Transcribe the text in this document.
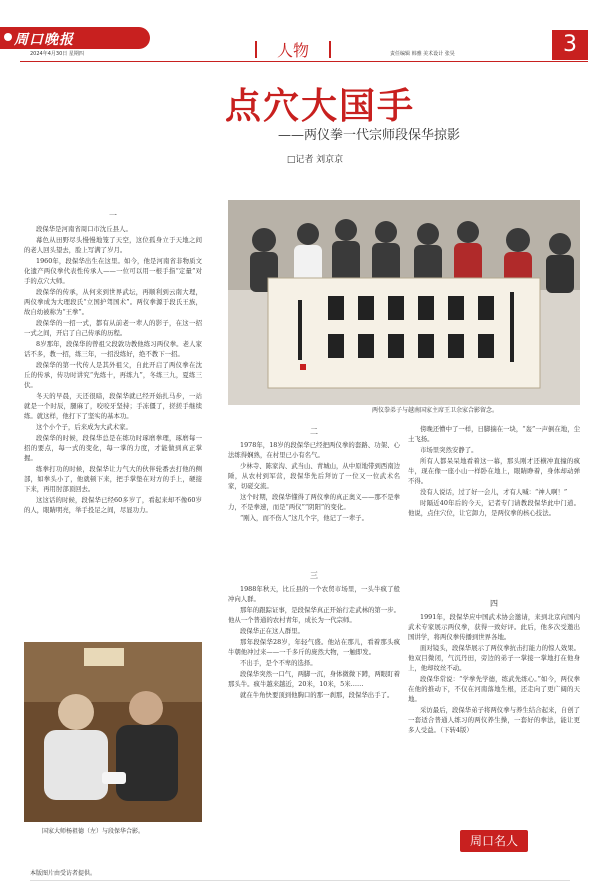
周口晚报
2024年4月30日 星期四	人物	责任编辑 韩雅 美术设计 张昊	3
点穴大国手
——两仪拳一代宗师段保华掠影
□记者 刘京京
两仪拳弟子与越南国家主席王卫余家合影留念。
国家大师杨祖德（左）与段保华合影。
一

段保华是河南省周口市沈丘县人。

幕色从田野尽头慢慢地笼了天空，这位孤身立于天地之间的老人回头望去，脸上写满了岁月。

1960年，段保华出生在这里。如今，他是河南省非物质文化遗产两仪拳代表性传承人——一位可以用一根手指“定量”对手的点穴大师。

段保华的传承，从何来到世界武坛，再顺利到云南大理，两仪拳成为大理段氏“立国护驾国术”。两仪拳源于段氏王族，故自幼被称为“王拳”。

段保华的一招一式，都有从前老一辈人的影子，在这一招一式之间，开启了自己传承的历程。

8岁那年，段保华的曾祖父段敦功教他练习两仪拳。老人家话不多，教一招，练三年，一招没练好，绝不教下一招。

段保华的第一代传人是其外祖父，自此开启了两仪拳在沈丘的传承，传功时讲究“先练十，再练九”，冬练三九，夏练三伏。

冬天的早晨，天还很暗，段保华就已经开始扎马步，一站就是一个时辰，腿麻了，咬咬牙坚持；手冻僵了，搓搓手继续练。就这样，他打下了坚实的基本功。

这个小个子，后来成为大武术家。

段保华的时候，段保华总是在练功时琢磨拳理，琢磨每一招的要点，每一式的变化，每一掌的力度，才能做到真正掌握。

练拳打功的时候，段保华让力气大的伙伴轮番去打他的侧部，如拳头小了，他就顿下来，把手掌垫在对方的手上，硬接下来，再用肘部顶回去。

这这话的时候，段保华已经60多岁了，看起来却不像60岁的人，眼睛明亮，举手投足之间，尽显功力。

二

1978年，18岁的段保华已经把两仪拳的套路、功架、心法练得娴熟，在村里已小有名气。

少林寺、陈家沟、武当山、青城山，从中原地带到西南边陲，从农村到军营，段保华先后拜访了一位又一位武术名家，切磋交流。

这个时期，段保华懂得了两仪拳的真正奥义——那不是拳力，不是拳速，而是“两仪”“阴阳”的变化。

“刚入，而不伤人”这几个字，他记了一辈子。

三

1988年秋天，比丘县的一个农贸市场里，一头牛疯了般冲向人群。

那年的跟踪证事，是段保华真正开始行走武林的第一步。他从一个普通的农村青年，成长为一代宗师。

段保华正在这人群里。

那年段保华28岁，年轻气盛。他站在那儿，看着那头疯牛朝他冲过来——一千多斤的庞然大物，一触即发。

不出手，是个不卑的选择。

段保华突然一口气，两脚一沉，身体微微下蹲，两眼盯着那头牛。疯牛越来越近，20米，10米，5米……

就在牛角快要顶到他胸口的那一刹那，段保华出手了。

傍晚还懵中了一样，日脚揣在一块，“轰”一声倒在地，尘土飞扬。

市场里突然安静了。

所有人都呆呆地看着这一幕，那头刚才还横冲直撞的疯牛，现在像一座小山一样卧在地上，眼睛睁着，身体却动弹不得。

没有人说话，过了好一会儿，才有人喊：“神人啊！”

时隔近40年后的今天，记者专门请教段保华此中门道。他说，点住穴位，让它卸力，是两仪拳的核心技法。

四

1991年，段保华应中国武术协会邀请，来到北京向国内武术专家展示两仪拳，获得一致好评。此后，他多次受邀出国讲学，将两仪拳传播到世界各地。

面对镜头，段保华展示了两仪拳抗击打能力的惊人效果。他双目微闭，气沉丹田，旁边的弟子一掌接一掌地打在他身上，他却纹丝不动。

段保华常说：“学拳先学德，练武先练心。”如今，两仪拳在他的推动下，不仅在河南落地生根，还走向了更广阔的天地。

采访最后，段保华弟子将两仪拳与养生结合起来，自创了一套适合普通人练习的两仪养生操，一套好的拳法，能让更多人受益。（下转4版）

周口名人
本版图片由受访者提供。
